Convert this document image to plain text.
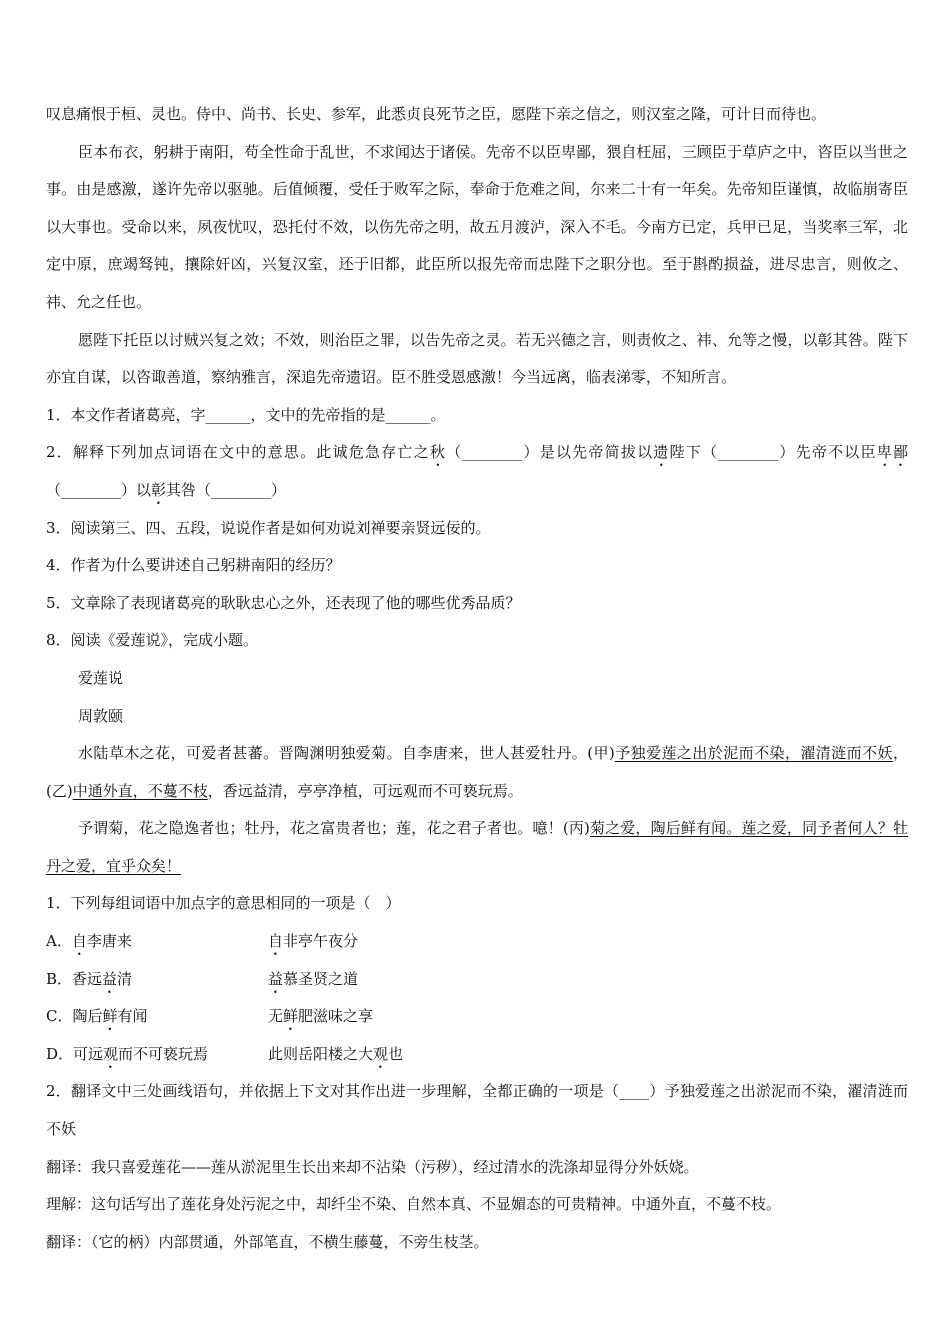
叹息痛恨于桓、灵也。侍中、尚书、长史、参军，此悉贞良死节之臣，愿陛下亲之信之，则汉室之隆，可计日而待也。

臣本布衣，躬耕于南阳，苟全性命于乱世，不求闻达于诸侯。先帝不以臣卑鄙，猥自枉屈，三顾臣于草庐之中，咨臣以当世之事。由是感激，遂许先帝以驱驰。后值倾覆，受任于败军之际，奉命于危难之间，尔来二十有一年矣。先帝知臣谨慎，故临崩寄臣以大事也。受命以来，夙夜忧叹，恐托付不效，以伤先帝之明，故五月渡泸，深入不毛。今南方已定，兵甲已足，当奖率三军，北定中原，庶竭驽钝，攘除奸凶，兴复汉室，还于旧都，此臣所以报先帝而忠陛下之职分也。至于斟酌损益，进尽忠言，则攸之、祎、允之任也。

愿陛下托臣以讨贼兴复之效；不效，则治臣之罪，以告先帝之灵。若无兴德之言，则责攸之、祎、允等之慢，以彰其咎。陛下亦宜自谋，以咨诹善道，察纳雅言，深追先帝遗诏。臣不胜受恩感激！今当远离，临表涕零，不知所言。

1．本文作者诸葛亮，字______，文中的先帝指的是______。

2．解释下列加点词语在文中的意思。此诚危急存亡之秋（________）是以先帝简拔以遗陛下（________）先帝不以臣卑鄙（________）以彰其咎（________）

3．阅读第三、四、五段，说说作者是如何劝说刘禅要亲贤远佞的。

4．作者为什么要讲述自己躬耕南阳的经历？

5．文章除了表现诸葛亮的耿耿忠心之外，还表现了他的哪些优秀品质？

8．阅读《爱莲说》，完成小题。

爱莲说

周敦颐

水陆草木之花，可爱者甚蕃。晋陶渊明独爱菊。自李唐来，世人甚爱牡丹。(甲)予独爱莲之出於泥而不染，濯清涟而不妖，(乙)中通外直，不蔓不枝，香远益清，亭亭净植，可远观而不可亵玩焉。

予谓菊，花之隐逸者也；牡丹，花之富贵者也；莲，花之君子者也。噫！(丙)菊之爱，陶后鲜有闻。莲之爱，同予者何人？牡丹之爱，宜乎众矣！

1．下列每组词语中加点字的意思相同的一项是（　）

A．自李唐来	自非亭午夜分
B．香远益清	益慕圣贤之道
C．陶后鲜有闻	无鲜肥滋味之享
D．可远观而不可亵玩焉	此则岳阳楼之大观也

2．翻译文中三处画线语句，并依据上下文对其作出进一步理解，全都正确的一项是（____）予独爱莲之出淤泥而不染，濯清涟而不妖

翻译：我只喜爱莲花——莲从淤泥里生长出来却不沾染（污秽），经过清水的洗涤却显得分外妖娆。

理解：这句话写出了莲花身处污泥之中，却纤尘不染、自然本真、不显媚态的可贵精神。中通外直，不蔓不枝。

翻译：（它的柄）内部贯通，外部笔直，不横生藤蔓，不旁生枝茎。
